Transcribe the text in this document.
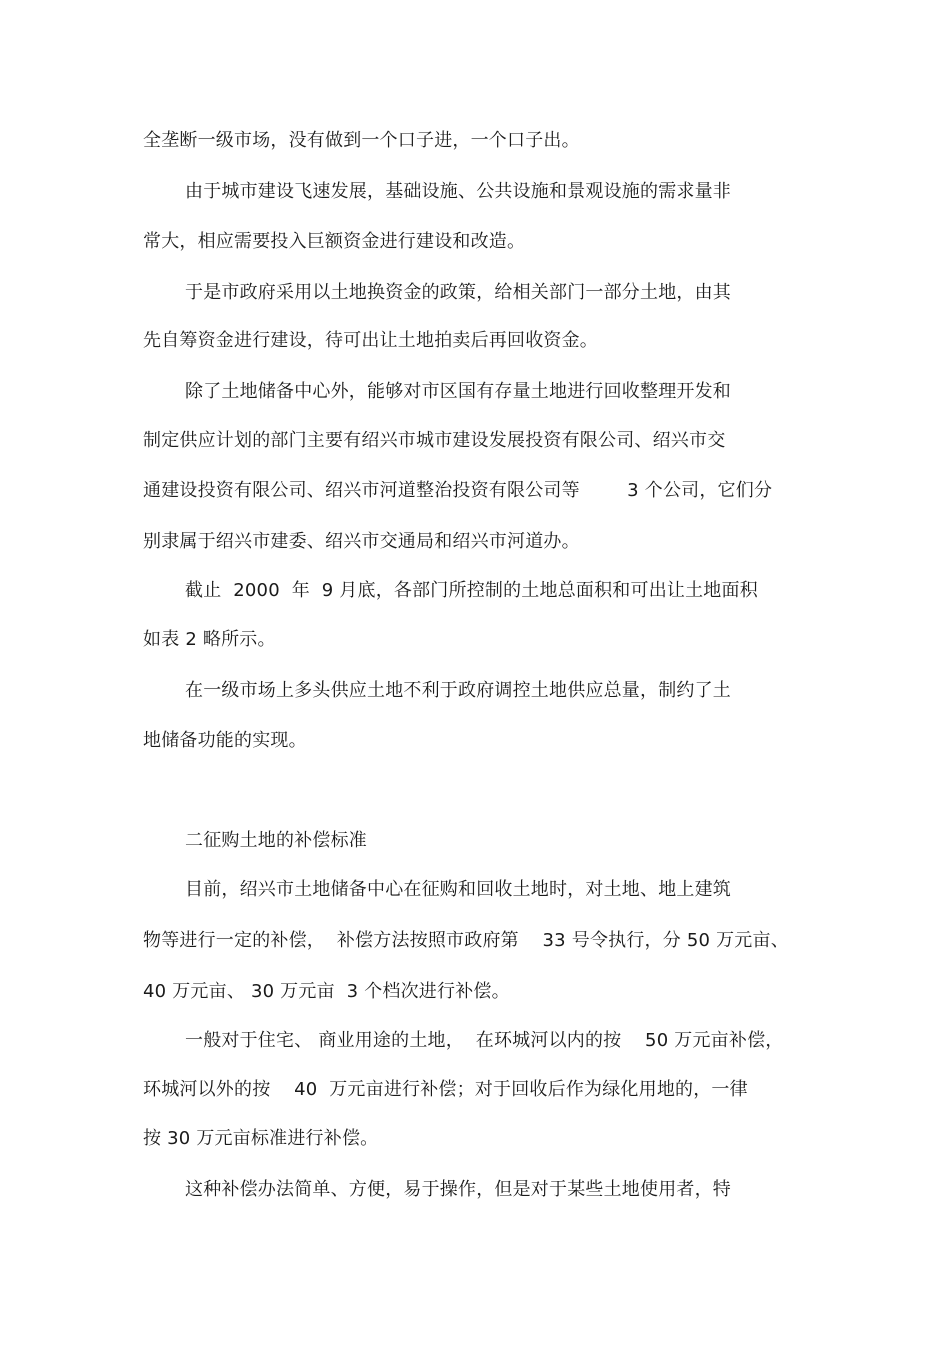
全垄断一级市场，没有做到一个口子进，一个口子出。
由于城市建设飞速发展，基础设施、公共设施和景观设施的需求量非
常大，相应需要投入巨额资金进行建设和改造。
于是市政府采用以土地换资金的政策，给相关部门一部分土地，由其
先自筹资金进行建设，待可出让土地拍卖后再回收资金。
除了土地储备中心外，能够对市区国有存量土地进行回收整理开发和
制定供应计划的部门主要有绍兴市城市建设发展投资有限公司、绍兴市交
通建设投资有限公司、绍兴市河道整治投资有限公司等        3 个公司，它们分
别隶属于绍兴市建委、绍兴市交通局和绍兴市河道办。
截止  2000  年  9 月底，各部门所控制的土地总面积和可出让土地面积
如表 2 略所示。
在一级市场上多头供应土地不利于政府调控土地供应总量，制约了土
地储备功能的实现。
二征购土地的补偿标准
目前，绍兴市土地储备中心在征购和回收土地时，对土地、地上建筑
物等进行一定的补偿，  补偿方法按照市政府第    33 号令执行，分 50 万元亩、
40 万元亩、 30 万元亩  3 个档次进行补偿。
一般对于住宅、 商业用途的土地，  在环城河以内的按    50 万元亩补偿，
环城河以外的按    40  万元亩进行补偿；对于回收后作为绿化用地的，一律
按 30 万元亩标准进行补偿。
这种补偿办法简单、方便，易于操作，但是对于某些土地使用者，特
